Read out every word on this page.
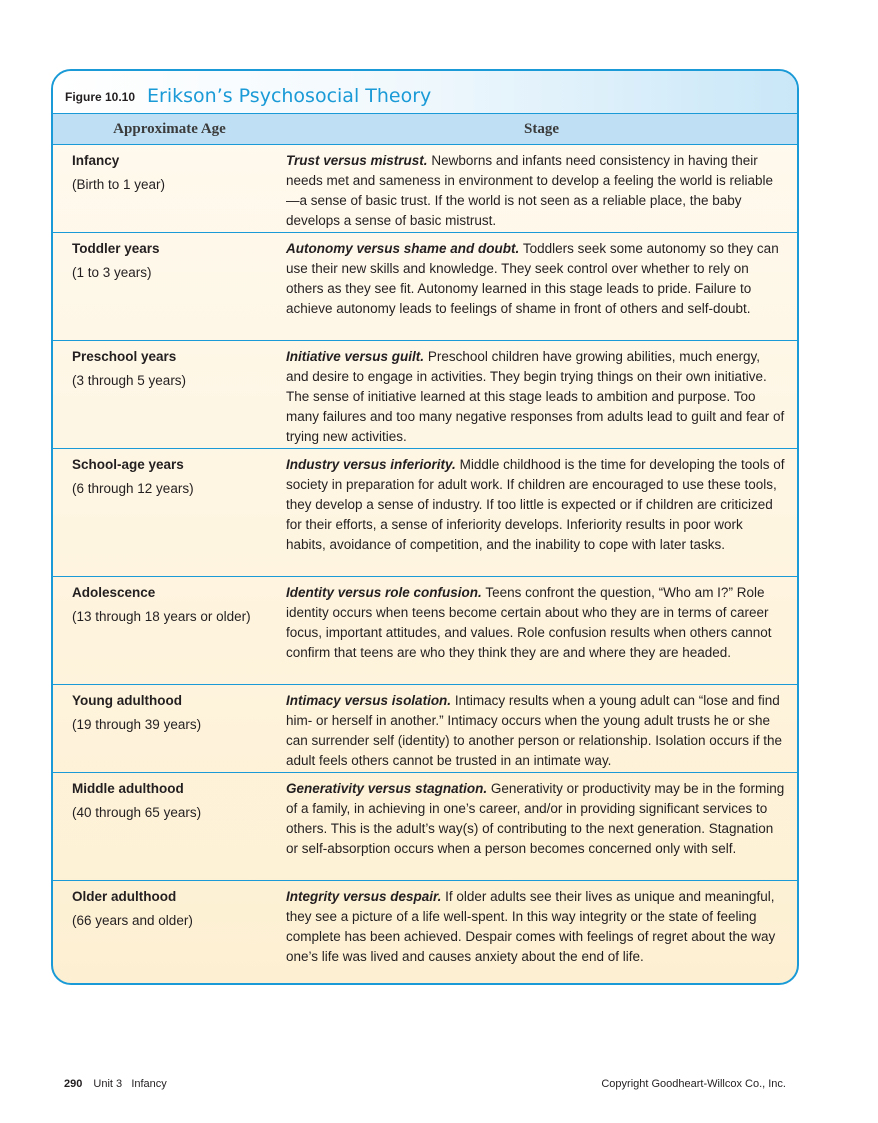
Figure 10.10 Erikson’s Psychosocial Theory
Approximate Age	Stage
Infancy
(Birth to 1 year)
Trust versus mistrust. Newborns and infants need consistency in having their needs met and sameness in environment to develop a feeling the world is reliable—a sense of basic trust. If the world is not seen as a reliable place, the baby develops a sense of basic mistrust.
Toddler years
(1 to 3 years)
Autonomy versus shame and doubt. Toddlers seek some autonomy so they can use their new skills and knowledge. They seek control over whether to rely on others as they see fit. Autonomy learned in this stage leads to pride. Failure to achieve autonomy leads to feelings of shame in front of others and self-doubt.
Preschool years
(3 through 5 years)
Initiative versus guilt. Preschool children have growing abilities, much energy, and desire to engage in activities. They begin trying things on their own initiative. The sense of initiative learned at this stage leads to ambition and purpose. Too many failures and too many negative responses from adults lead to guilt and fear of trying new activities.
School-age years
(6 through 12 years)
Industry versus inferiority. Middle childhood is the time for developing the tools of society in preparation for adult work. If children are encouraged to use these tools, they develop a sense of industry. If too little is expected or if children are criticized for their efforts, a sense of inferiority develops. Inferiority results in poor work habits, avoidance of competition, and the inability to cope with later tasks.
Adolescence
(13 through 18 years or older)
Identity versus role confusion. Teens confront the question, “Who am I?” Role identity occurs when teens become certain about who they are in terms of career focus, important attitudes, and values. Role confusion results when others cannot confirm that teens are who they think they are and where they are headed.
Young adulthood
(19 through 39 years)
Intimacy versus isolation. Intimacy results when a young adult can “lose and find him- or herself in another.” Intimacy occurs when the young adult trusts he or she can surrender self (identity) to another person or relationship. Isolation occurs if the adult feels others cannot be trusted in an intimate way.
Middle adulthood
(40 through 65 years)
Generativity versus stagnation. Generativity or productivity may be in the forming of a family, in achieving in one’s career, and/or in providing significant services to others. This is the adult’s way(s) of contributing to the next generation. Stagnation or self-absorption occurs when a person becomes concerned only with self.
Older adulthood
(66 years and older)
Integrity versus despair. If older adults see their lives as unique and meaningful, they see a picture of a life well-spent. In this way integrity or the state of feeling complete has been achieved. Despair comes with feelings of regret about the way one’s life was lived and causes anxiety about the end of life.
290 Unit 3   Infancy	Copyright Goodheart-Willcox Co., Inc.
